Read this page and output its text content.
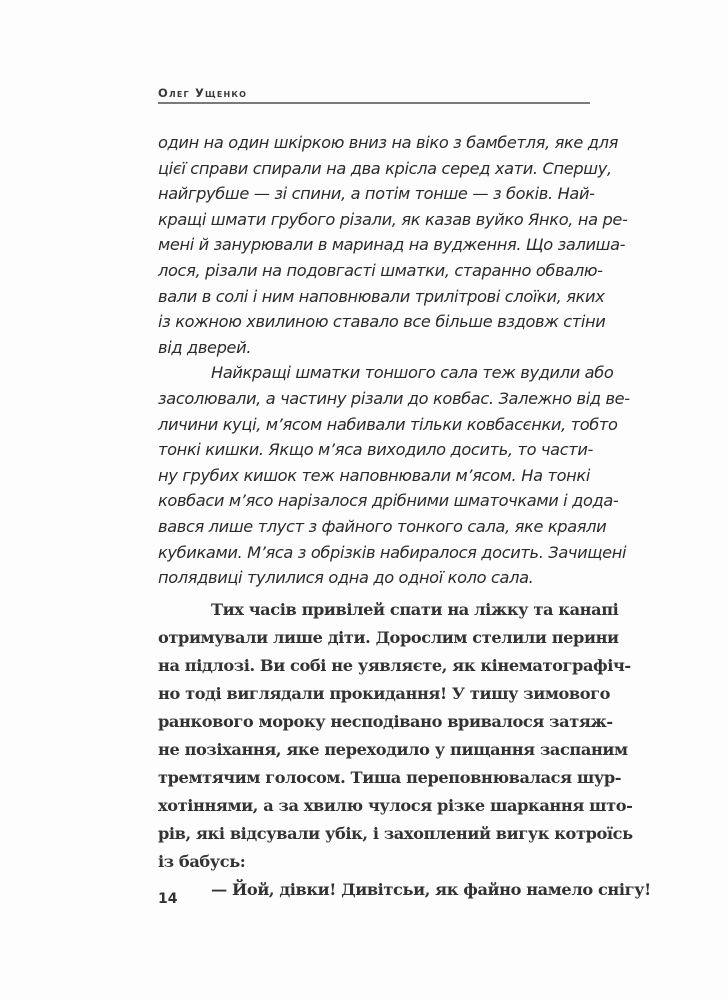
Олег Ущенко
один на один шкіркою вниз на віко з бамбетля, яке для
цієї справи спирали на два крісла серед хати. Спершу,
найгрубше — зі спини, а потім тонше — з боків. Най-
кращі шмати грубого різали, як казав вуйко Янко, на ре-
мені й занурювали в маринад на вудження. Що залиша-
лося, різали на подовгасті шматки, старанно обвалю-
вали в солі і ним наповнювали трилітрові слоїки, яких
із кожною хвилиною ставало все більше вздовж стіни
від дверей.
Найкращі шматки тоншого сала теж вудили або
засолювали, а частину різали до ковбас. Залежно від ве-
личини куці, м’ясом набивали тільки ковбасєнки, тобто
тонкі кишки. Якщо м’яса виходило досить, то части-
ну грубих кишок теж наповнювали м’ясом. На тонкі
ковбаси м’ясо нарізалося дрібними шматочками і дода-
вався лише тлуст з файного тонкого сала, яке краяли
кубиками. М’яса з обрізків набиралося досить. Зачищені
полядвиці тулилися одна до одної коло сала.
Тих часів привілей спати на ліжку та канапі
отримували лише діти. Дорослим стелили перини
на підлозі. Ви собі не уявляєте, як кінематографіч-
но тоді виглядали прокидання! У тишу зимового
ранкового мороку несподівано вривалося затяж-
не позіхання, яке переходило у пищання заспаним
тремтячим голосом. Тиша переповнювалася шур-
хотіннями, а за хвилю чулося різке шаркання што-
рів, які відсували убік, і захоплений вигук котроїсь
із бабусь:
— Йой, дівки! Дивітсьи, як файно намело снігу!
14
